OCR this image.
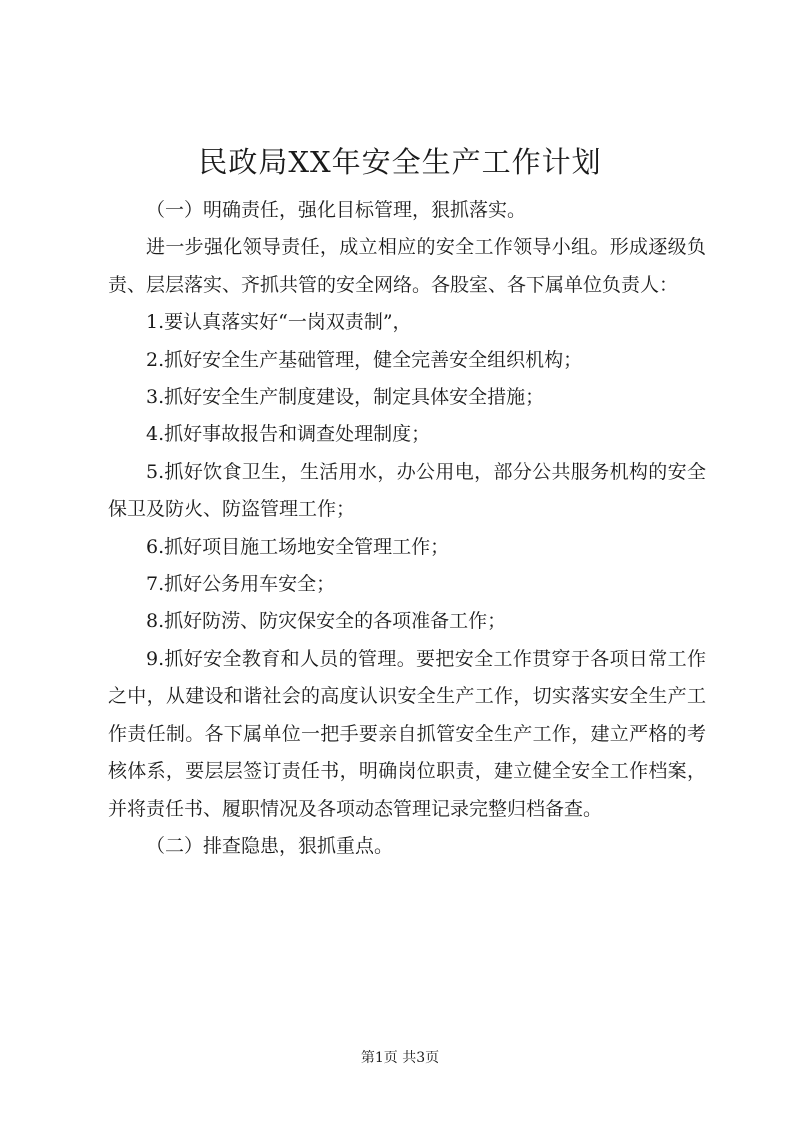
民政局XX年安全生产工作计划

（一）明确责任，强化目标管理，狠抓落实。

进一步强化领导责任，成立相应的安全工作领导小组。形成逐级负责、层层落实、齐抓共管的安全网络。各股室、各下属单位负责人：

1.要认真落实好“一岗双责制”，

2.抓好安全生产基础管理，健全完善安全组织机构；

3.抓好安全生产制度建设，制定具体安全措施；

4.抓好事故报告和调查处理制度；

5.抓好饮食卫生，生活用水，办公用电，部分公共服务机构的安全保卫及防火、防盗管理工作；

6.抓好项目施工场地安全管理工作；

7.抓好公务用车安全；

8.抓好防涝、防灾保安全的各项准备工作；

9.抓好安全教育和人员的管理。要把安全工作贯穿于各项日常工作之中，从建设和谐社会的高度认识安全生产工作，切实落实安全生产工作责任制。各下属单位一把手要亲自抓管安全生产工作，建立严格的考核体系，要层层签订责任书，明确岗位职责，建立健全安全工作档案，并将责任书、履职情况及各项动态管理记录完整归档备查。

（二）排查隐患，狠抓重点。

第1页 共3页
